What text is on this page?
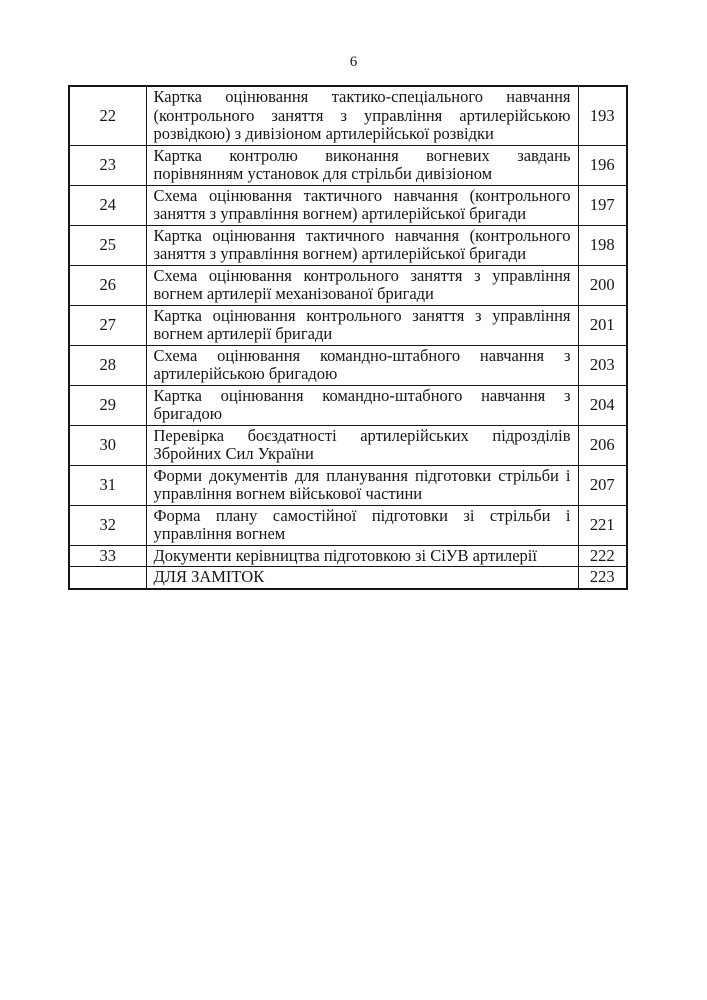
6
22	Картка оцінювання тактико-спеціального навчання (контрольного заняття з управління артилерійською розвідкою) з дивізіоном артилерійської розвідки	193
23	Картка контролю виконання вогневих завдань порівнянням установок для стрільби дивізіоном	196
24	Схема оцінювання тактичного навчання (контрольного заняття з управління вогнем) артилерійської бригади	197
25	Картка оцінювання тактичного навчання (контрольного заняття з управління вогнем) артилерійської бригади	198
26	Схема оцінювання контрольного заняття з управління вогнем артилерії механізованої бригади	200
27	Картка оцінювання контрольного заняття з управління вогнем артилерії бригади	201
28	Схема оцінювання командно-штабного навчання з артилерійською бригадою	203
29	Картка оцінювання командно-штабного навчання з бригадою	204
30	Перевірка боєздатності артилерійських підрозділів Збройних Сил України	206
31	Форми документів для планування підготовки стрільби і управління вогнем військової частини	207
32	Форма плану самостійної підготовки зі стрільби і управління вогнем	221
33	Документи керівництва підготовкою зі СіУВ артилерії	222
	ДЛЯ ЗАМІТОК	223
